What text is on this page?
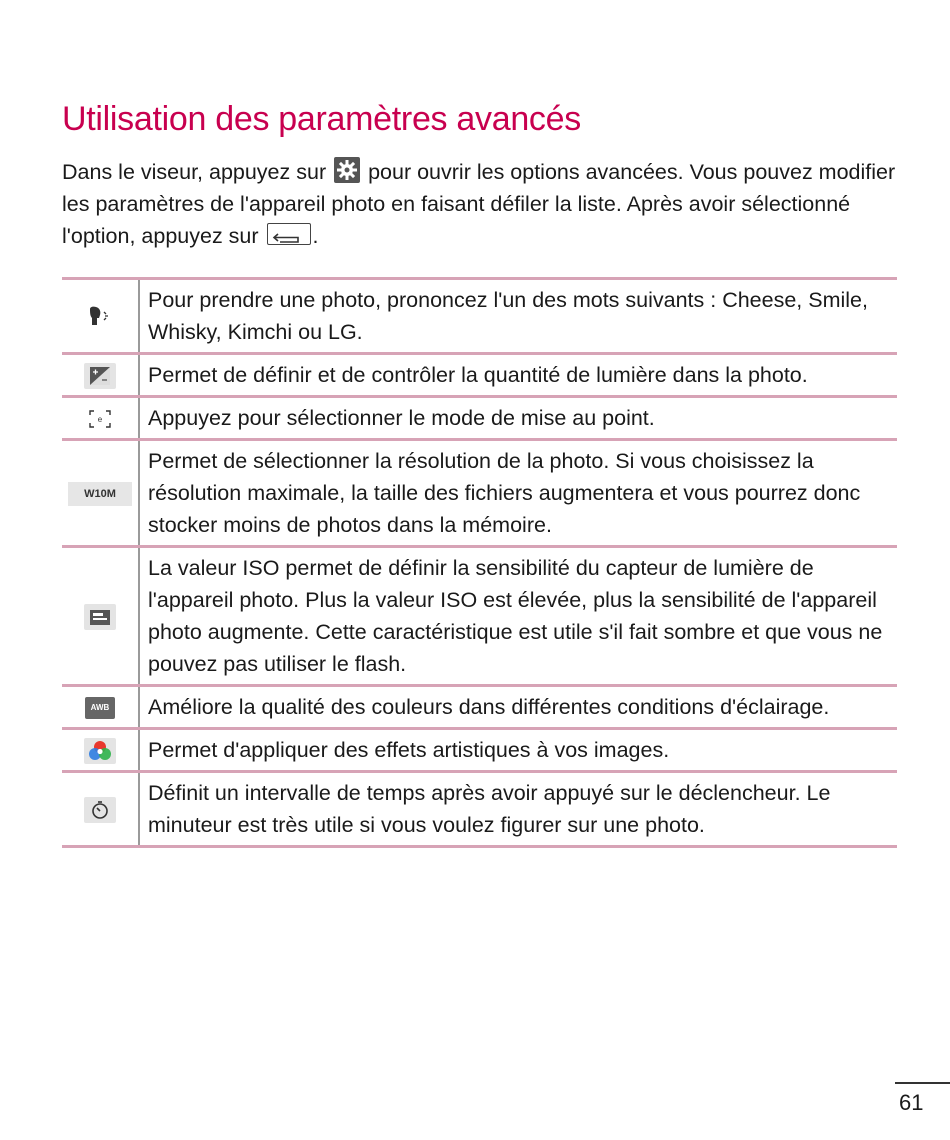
Utilisation des paramètres avancés

Dans le viseur, appuyez sur pour ouvrir les options avancées. Vous pouvez modifier les paramètres de l'appareil photo en faisant défiler la liste. Après avoir sélectionné l'option, appuyez sur	.

	Pour prendre une photo, prononcez l'un des mots suivants : Cheese, Smile, Whisky, Kimchi ou LG.

	Permet de définir et de contrôler la quantité de lumière dans la photo.

e	Appuyez pour sélectionner le mode de mise au point.
W10M	Permet de sélectionner la résolution de la photo. Si vous choisissez la résolution maximale, la taille des fichiers augmentera et vous pourrez donc stocker moins de photos dans la mémoire.

	La valeur ISO permet de définir la sensibilité du capteur de lumière de l'appareil photo. Plus la valeur ISO est élevée, plus la sensibilité de l'appareil photo augmente. Cette caractéristique est utile s'il fait sombre et que vous ne pouvez pas utiliser le flash.

AWB	Améliore la qualité des couleurs dans différentes conditions d'éclairage.

	Permet d'appliquer des effets artistiques à vos images.

	Définit un intervalle de temps après avoir appuyé sur le déclencheur. Le minuteur est très utile si vous voulez figurer sur une photo.
61
